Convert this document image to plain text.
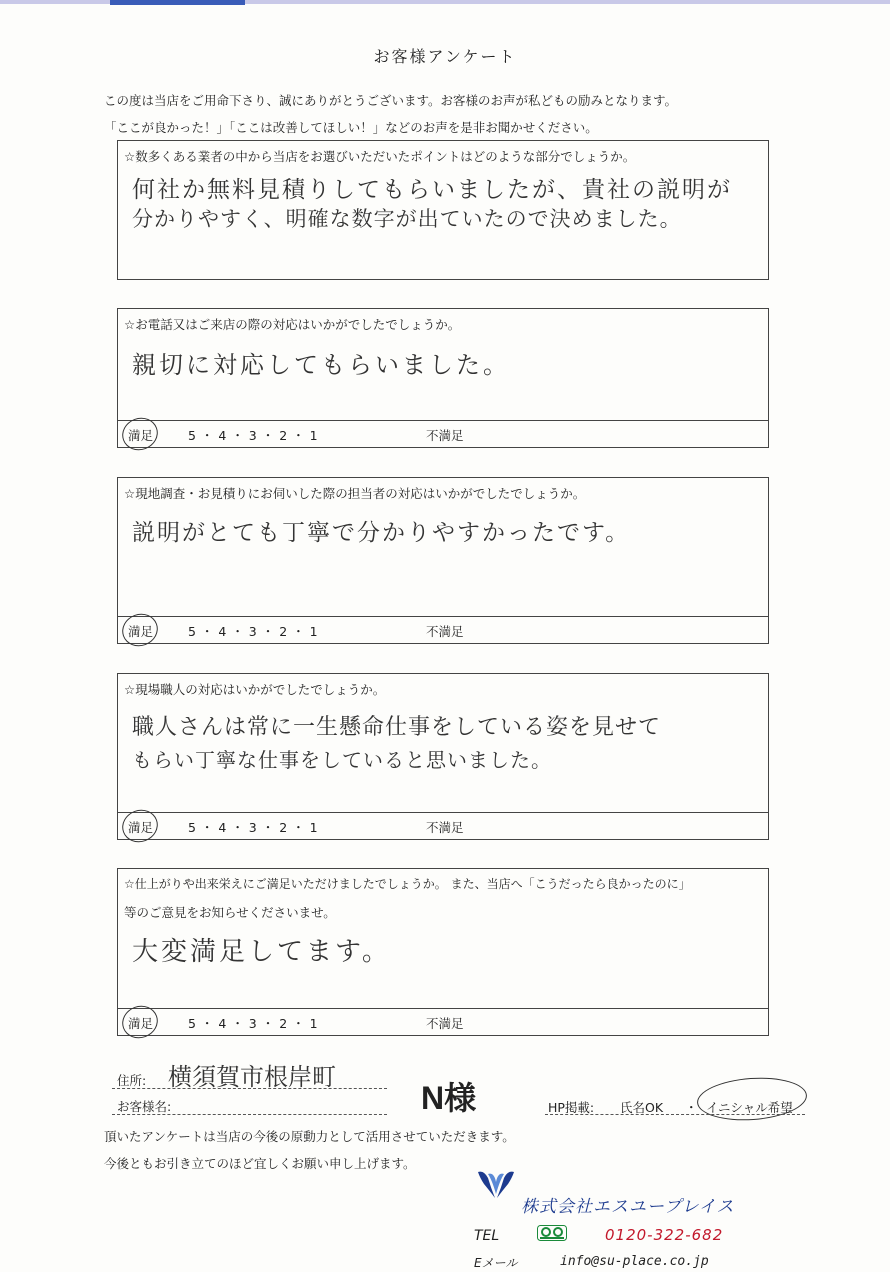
お客様アンケート
この度は当店をご用命下さり、誠にありがとうございます。お客様のお声が私どもの励みとなります。
「ここが良かった！」「ここは改善してほしい！」などのお声を是非お聞かせください。
☆数多くある業者の中から当店をお選びいただいたポイントはどのような部分でしょうか。
何社か無料見積りしてもらいましたが、貴社の説明が
分かりやすく、明確な数字が出ていたので決めました。
☆お電話又はご来店の際の対応はいかがでしたでしょうか。
親切に対応してもらいました。
満足	5 ・ 4 ・ 3 ・ 2 ・ 1	不満足
☆現地調査・お見積りにお伺いした際の担当者の対応はいかがでしたでしょうか。
説明がとても丁寧で分かりやすかったです。
満足	5 ・ 4 ・ 3 ・ 2 ・ 1	不満足
☆現場職人の対応はいかがでしたでしょうか。
職人さんは常に一生懸命仕事をしている姿を見せて
もらい丁寧な仕事をしていると思いました。
満足	5 ・ 4 ・ 3 ・ 2 ・ 1	不満足
☆仕上がりや出来栄えにご満足いただけましたでしょうか。 また、当店へ「こうだったら良かったのに」
等のご意見をお知らせくださいませ。
大変満足してます。
満足	5 ・ 4 ・ 3 ・ 2 ・ 1	不満足
住所: 横須賀市根岸町
お客様名:	N様	HP掲載: 氏名OK ・ イニシャル希望
頂いたアンケートは当店の今後の原動力として活用させていただきます。
今後ともお引き立てのほど宜しくお願い申し上げます。
株式会社エスユープレイス
TEL	0120-322-682
Eメール	info@su-place.co.jp
